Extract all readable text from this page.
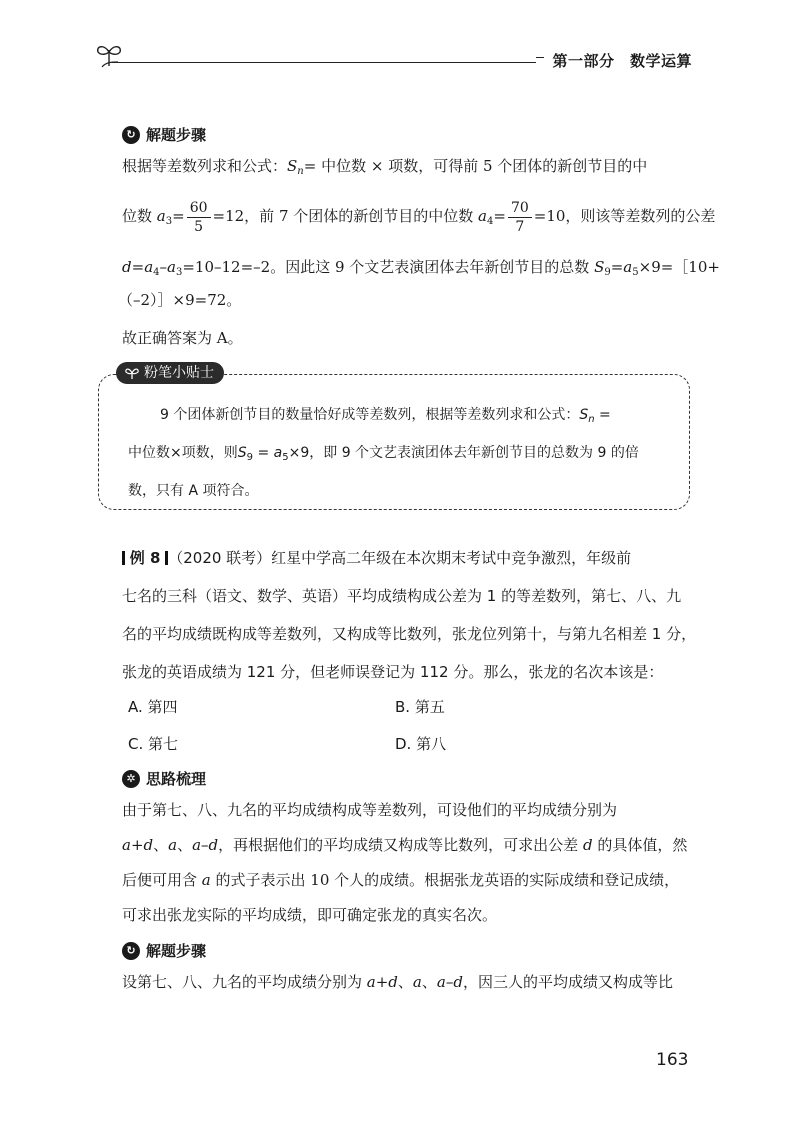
第一部分　数学运算
↻ 解题步骤
根据等差数列求和公式：$S_n=$ 中位数 × 项数，可得前 5 个团体的新创节目的中
位数 $a_3= \frac{60}{5} =12$，前 7 个团体的新创节目的中位数 $a_4= \frac{70}{7} =10$，则该等差数列的公差
$d=a_4-a_3=10-12=-2$。因此这 9 个文艺表演团体去年新创节目的总数 $S_9=a_5\times 9=[10+$
（–2）］×9=72。
故正确答案为 A。
粉笔小贴士
9 个团体新创节目的数量恰好成等差数列，根据等差数列求和公式：$S_n$ =
中位数×项数，则$S_9 = a_5\times 9$，即 9 个文艺表演团体去年新创节目的总数为 9 的倍
数，只有 A 项符合。
例 8 （2020 联考）红星中学高二年级在本次期末考试中竞争激烈，年级前
七名的三科（语文、数学、英语）平均成绩构成公差为 1 的等差数列，第七、八、九
名的平均成绩既构成等差数列，又构成等比数列，张龙位列第十，与第九名相差 1 分，
张龙的英语成绩为 121 分，但老师误登记为 112 分。那么，张龙的名次本该是：
A. 第四	B. 第五
C. 第七	D. 第八
✲ 思路梳理
由于第七、八、九名的平均成绩构成等差数列，可设他们的平均成绩分别为
a+d、a、a–d，再根据他们的平均成绩又构成等比数列，可求出公差 d 的具体值，然
后便可用含 a 的式子表示出 10 个人的成绩。根据张龙英语的实际成绩和登记成绩，
可求出张龙实际的平均成绩，即可确定张龙的真实名次。
↻ 解题步骤
设第七、八、九名的平均成绩分别为 a+d、a、a–d，因三人的平均成绩又构成等比
163
